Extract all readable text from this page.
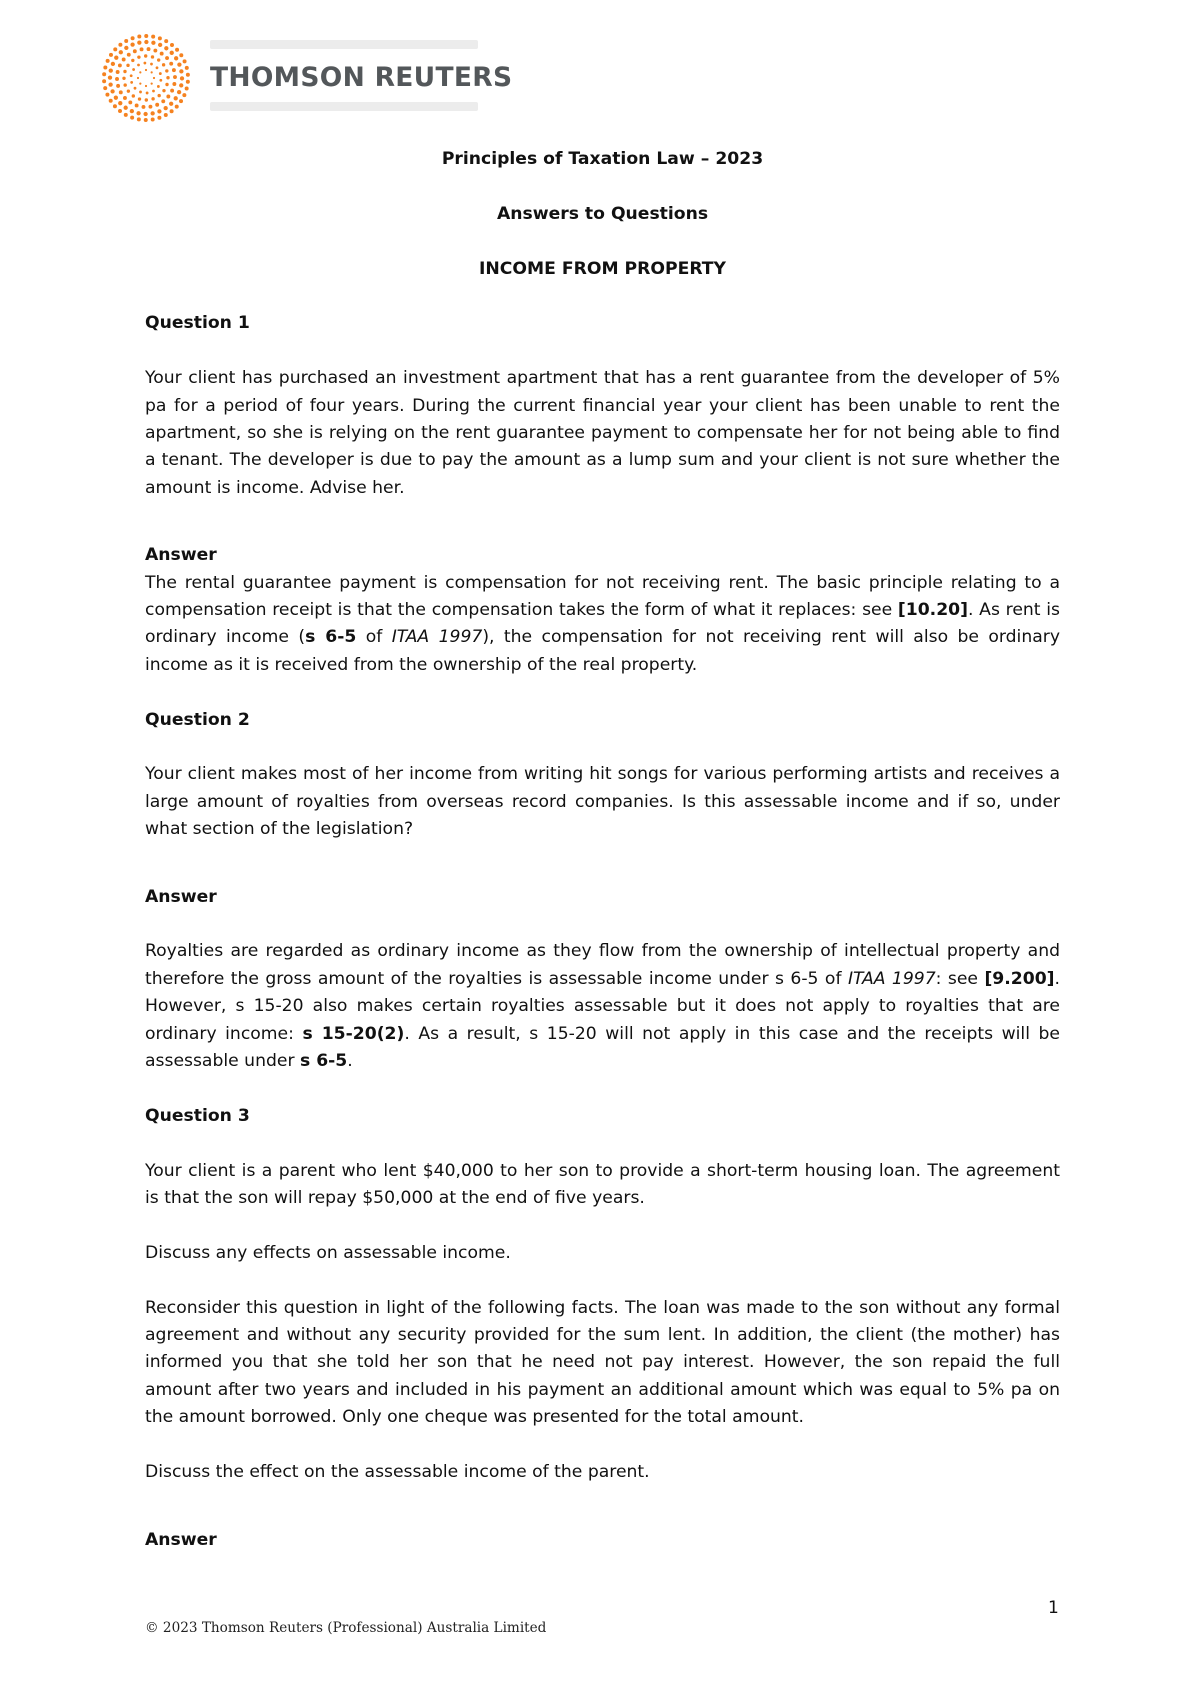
THOMSON REUTERS

Principles of Taxation Law – 2023

Answers to Questions

INCOME FROM PROPERTY

Question 1

Your client has purchased an investment apartment that has a rent guarantee from the developer of 5% pa for a period of four years. During the current financial year your client has been unable to rent the apartment, so she is relying on the rent guarantee payment to compensate her for not being able to find a tenant. The developer is due to pay the amount as a lump sum and your client is not sure whether the amount is income. Advise her.

Answer

The rental guarantee payment is compensation for not receiving rent. The basic principle relating to a compensation receipt is that the compensation takes the form of what it replaces: see [10.20]. As rent is ordinary income (s 6-5 of ITAA 1997), the compensation for not receiving rent will also be ordinary income as it is received from the ownership of the real property.

Question 2

Your client makes most of her income from writing hit songs for various performing artists and receives a large amount of royalties from overseas record companies. Is this assessable income and if so, under what section of the legislation?

Answer

Royalties are regarded as ordinary income as they flow from the ownership of intellectual property and therefore the gross amount of the royalties is assessable income under s 6-5 of ITAA 1997: see [9.200]. However, s 15-20 also makes certain royalties assessable but it does not apply to royalties that are ordinary income: s 15-20(2). As a result, s 15-20 will not apply in this case and the receipts will be assessable under s 6-5.

Question 3

Your client is a parent who lent $40,000 to her son to provide a short-term housing loan. The agreement is that the son will repay $50,000 at the end of five years.

Discuss any effects on assessable income.

Reconsider this question in light of the following facts. The loan was made to the son without any formal agreement and without any security provided for the sum lent. In addition, the client (the mother) has informed you that she told her son that he need not pay interest. However, the son repaid the full amount after two years and included in his payment an additional amount which was equal to 5% pa on the amount borrowed. Only one cheque was presented for the total amount.

Discuss the effect on the assessable income of the parent.

Answer

1
© 2023 Thomson Reuters (Professional) Australia Limited
